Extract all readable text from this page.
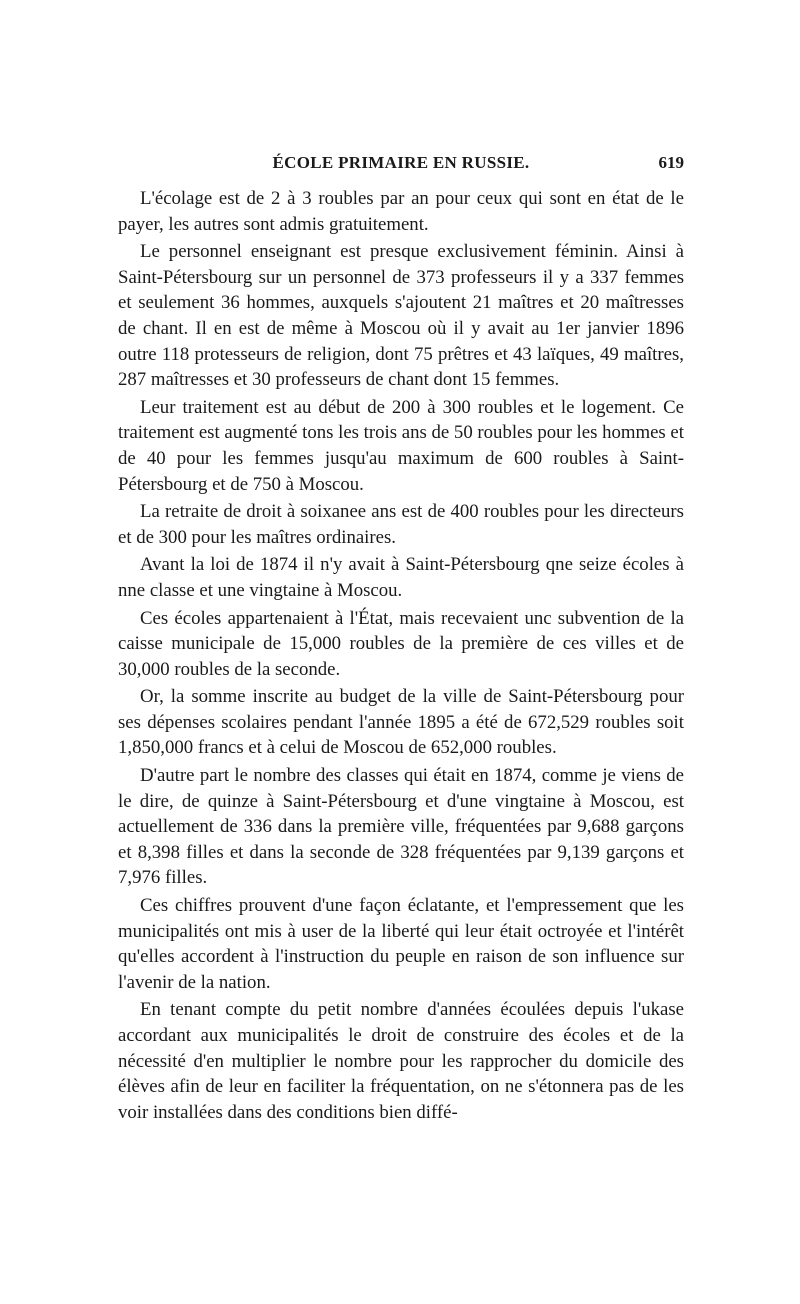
ÉCOLE PRIMAIRE EN RUSSIE.	619

L'écolage est de 2 à 3 roubles par an pour ceux qui sont en état de le payer, les autres sont admis gratuitement.

Le personnel enseignant est presque exclusivement féminin. Ainsi à Saint-Pétersbourg sur un personnel de 373 professeurs il y a 337 femmes et seulement 36 hommes, auxquels s'ajoutent 21 maîtres et 20 maîtresses de chant. Il en est de même à Moscou où il y avait au 1er janvier 1896 outre 118 protesseurs de religion, dont 75 prêtres et 43 laïques, 49 maîtres, 287 maîtresses et 30 professeurs de chant dont 15 femmes.

Leur traitement est au début de 200 à 300 roubles et le logement. Ce traitement est augmenté tons les trois ans de 50 roubles pour les hommes et de 40 pour les femmes jusqu'au maximum de 600 roubles à Saint-Pétersbourg et de 750 à Moscou.

La retraite de droit à soixanee ans est de 400 roubles pour les directeurs et de 300 pour les maîtres ordinaires.

Avant la loi de 1874 il n'y avait à Saint-Pétersbourg qne seize écoles à nne classe et une vingtaine à Moscou.

Ces écoles appartenaient à l'État, mais recevaient unc subvention de la caisse municipale de 15,000 roubles de la première de ces villes et de 30,000 roubles de la seconde.

Or, la somme inscrite au budget de la ville de Saint-Pétersbourg pour ses dépenses scolaires pendant l'année 1895 a été de 672,529 roubles soit 1,850,000 francs et à celui de Moscou de 652,000 roubles.

D'autre part le nombre des classes qui était en 1874, comme je viens de le dire, de quinze à Saint-Pétersbourg et d'une vingtaine à Moscou, est actuellement de 336 dans la première ville, fréquentées par 9,688 garçons et 8,398 filles et dans la seconde de 328 fréquentées par 9,139 garçons et 7,976 filles.

Ces chiffres prouvent d'une façon éclatante, et l'empressement que les municipalités ont mis à user de la liberté qui leur était octroyée et l'intérêt qu'elles accordent à l'instruction du peuple en raison de son influence sur l'avenir de la nation.

En tenant compte du petit nombre d'années écoulées depuis l'ukase accordant aux municipalités le droit de construire des écoles et de la nécessité d'en multiplier le nombre pour les rapprocher du domicile des élèves afin de leur en faciliter la fréquentation, on ne s'étonnera pas de les voir installées dans des conditions bien diffé-
